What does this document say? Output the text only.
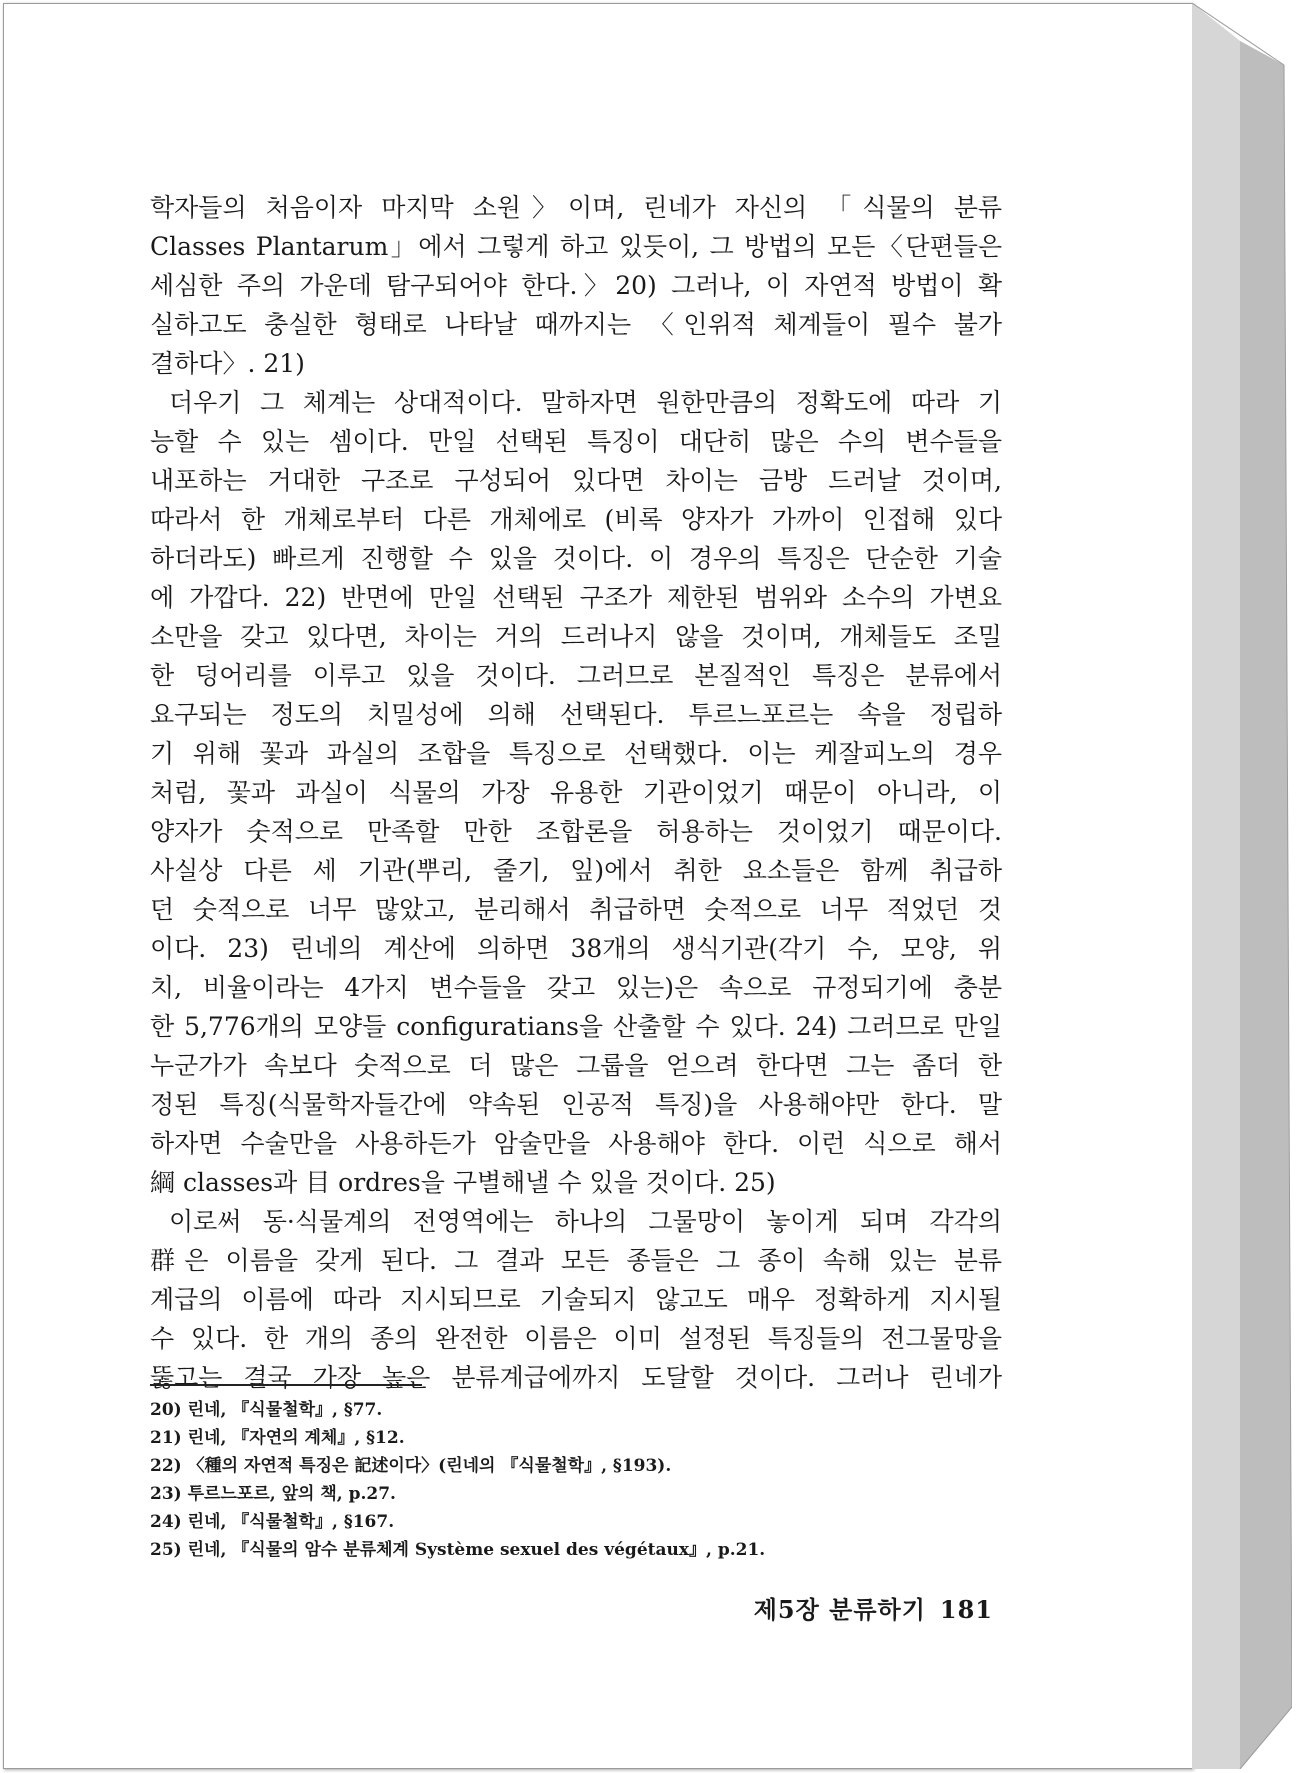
학자들의 처음이자 마지막 소원〉이며, 린네가 자신의 「식물의 분류
Classes Plantarum」에서 그렇게 하고 있듯이, 그 방법의 모든〈단편들은
세심한 주의 가운데 탐구되어야 한다.〉20) 그러나, 이 자연적 방법이 확
실하고도 충실한 형태로 나타날 때까지는 〈인위적 체계들이 필수 불가
결하다〉. 21)
더우기 그 체계는 상대적이다. 말하자면 원한만큼의 정확도에 따라 기
능할 수 있는 셈이다. 만일 선택된 특징이 대단히 많은 수의 변수들을
내포하는 거대한 구조로 구성되어 있다면 차이는 금방 드러날 것이며,
따라서 한 개체로부터 다른 개체에로 (비록 양자가 가까이 인접해 있다
하더라도) 빠르게 진행할 수 있을 것이다. 이 경우의 특징은 단순한 기술
에 가깝다. 22) 반면에 만일 선택된 구조가 제한된 범위와 소수의 가변요
소만을 갖고 있다면, 차이는 거의 드러나지 않을 것이며, 개체들도 조밀
한 덩어리를 이루고 있을 것이다. 그러므로 본질적인 특징은 분류에서
요구되는 정도의 치밀성에 의해 선택된다. 투르느포르는 속을 정립하
기 위해 꽃과 과실의 조합을 특징으로 선택했다. 이는 케잘피노의 경우
처럼, 꽃과 과실이 식물의 가장 유용한 기관이었기 때문이 아니라, 이
양자가 숫적으로 만족할 만한 조합론을 허용하는 것이었기 때문이다.
사실상 다른 세 기관(뿌리, 줄기, 잎)에서 취한 요소들은 함께 취급하
던 숫적으로 너무 많았고, 분리해서 취급하면 숫적으로 너무 적었던 것
이다. 23) 린네의 계산에 의하면 38개의 생식기관(각기 수, 모양, 위
치, 비율이라는 4가지 변수들을 갖고 있는)은 속으로 규정되기에 충분
한 5,776개의 모양들 configuratians을 산출할 수 있다. 24) 그러므로 만일
누군가가 속보다 숫적으로 더 많은 그룹을 얻으려 한다면 그는 좀더 한
정된 특징(식물학자들간에 약속된 인공적 특징)을 사용해야만 한다. 말
하자면 수술만을 사용하든가 암술만을 사용해야 한다. 이런 식으로 해서
綱 classes과 目 ordres을 구별해낼 수 있을 것이다. 25)
이로써 동·식물계의 전영역에는 하나의 그물망이 놓이게 되며 각각의
群은 이름을 갖게 된다. 그 결과 모든 종들은 그 종이 속해 있는 분류
계급의 이름에 따라 지시되므로 기술되지 않고도 매우 정확하게 지시될
수 있다. 한 개의 종의 완전한 이름은 이미 설정된 특징들의 전그물망을
뚫고는 결국 가장 높은 분류계급에까지 도달할 것이다. 그러나 린네가
20) 린네, 『식물철학』, §77.
21) 린네, 『자연의 계체』, §12.
22) 〈種의 자연적 특징은 記述이다〉(린네의 『식물철학』, §193).
23) 투르느포르, 앞의 책, p.27.
24) 린네, 『식물철학』, §167.
25) 린네, 『식물의 암수 분류체계 Système sexuel des végétaux』, p.21.
제5장 분류하기 181
